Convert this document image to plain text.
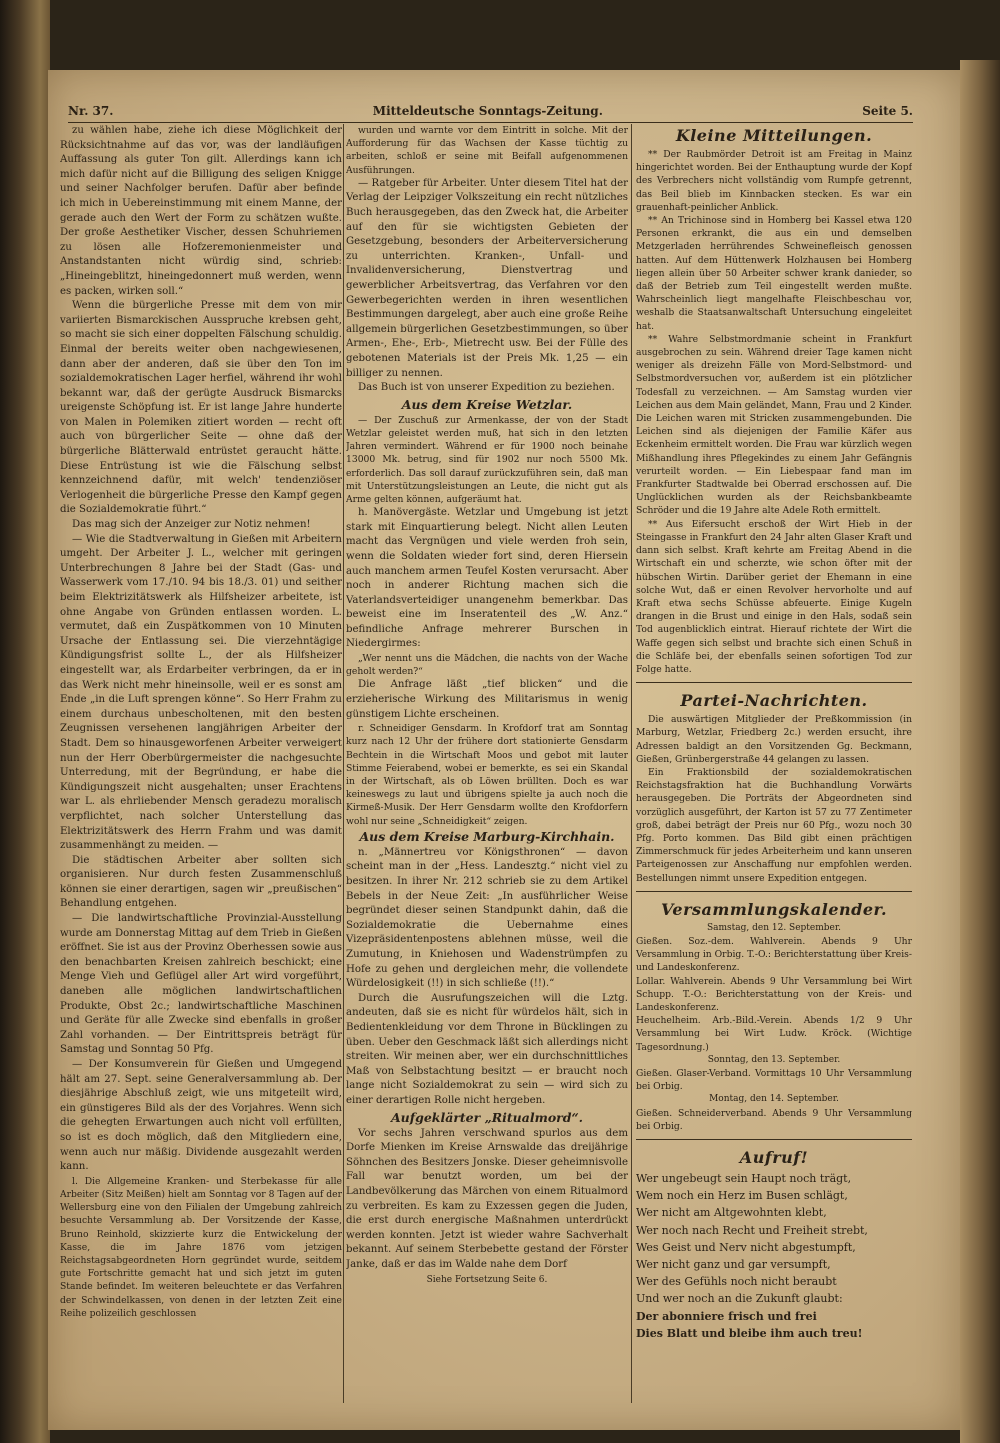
Nr. 37.	Mitteldeutsche Sonntags-Zeitung.	Seite 5.

zu wählen habe, ziehe ich diese Möglichkeit der Rücksichtnahme auf das vor, was der landläufigen Auffassung als guter Ton gilt. Allerdings kann ich mich dafür nicht auf die Billigung des seligen Knigge und seiner Nachfolger berufen. Dafür aber befinde ich mich in Uebereinstimmung mit einem Manne, der gerade auch den Wert der Form zu schätzen wußte. Der große Aesthetiker Vischer, dessen Schuhriemen zu lösen alle Hofzeremonienmeister und Anstandstanten nicht würdig sind, schrieb: „Hineingeblitzt, hineingedonnert muß werden, wenn es packen, wirken soll.“

Wenn die bürgerliche Presse mit dem von mir variierten Bismarckischen Ausspruche krebsen geht, so macht sie sich einer doppelten Fälschung schuldig. Einmal der bereits weiter oben nachgewiesenen, dann aber der anderen, daß sie über den Ton im sozialdemokratischen Lager herfiel, während ihr wohl bekannt war, daß der gerügte Ausdruck Bismarcks ureigenste Schöpfung ist. Er ist lange Jahre hunderte von Malen in Polemiken zitiert worden — recht oft auch von bürgerlicher Seite — ohne daß der bürgerliche Blätterwald entrüstet geraucht hätte. Diese Entrüstung ist wie die Fälschung selbst kennzeichnend dafür, mit welch' tendenziöser Verlogenheit die bürgerliche Presse den Kampf gegen die Sozialdemokratie führt.“

Das mag sich der Anzeiger zur Notiz nehmen!

— Wie die Stadtverwaltung in Gießen mit Arbeitern umgeht. Der Arbeiter J. L., welcher mit geringen Unterbrechungen 8 Jahre bei der Stadt (Gas- und Wasserwerk vom 17./10. 94 bis 18./3. 01) und seither beim Elektrizitätswerk als Hilfsheizer arbeitete, ist ohne Angabe von Gründen entlassen worden. L. vermutet, daß ein Zuspätkommen von 10 Minuten Ursache der Entlassung sei. Die vierzehntägige Kündigungsfrist sollte L., der als Hilfsheizer eingestellt war, als Erdarbeiter verbringen, da er in das Werk nicht mehr hineinsolle, weil er es sonst am Ende „in die Luft sprengen könne“. So Herr Frahm zu einem durchaus unbescholtenen, mit den besten Zeugnissen versehenen langjährigen Arbeiter der Stadt. Dem so hinausgeworfenen Arbeiter verweigert nun der Herr Oberbürgermeister die nachgesuchte Unterredung, mit der Begründung, er habe die Kündigungszeit nicht ausgehalten; unser Erachtens war L. als ehrliebender Mensch geradezu moralisch verpflichtet, nach solcher Unterstellung das Elektrizitätswerk des Herrn Frahm und was damit zusammenhängt zu meiden. —

Die städtischen Arbeiter aber sollten sich organisieren. Nur durch festen Zusammenschluß können sie einer derartigen, sagen wir „preußischen“ Behandlung entgehen.

— Die landwirtschaftliche Provinzial-Ausstellung wurde am Donnerstag Mittag auf dem Trieb in Gießen eröffnet. Sie ist aus der Provinz Oberhessen sowie aus den benachbarten Kreisen zahlreich beschickt; eine Menge Vieh und Geflügel aller Art wird vorgeführt, daneben alle möglichen landwirtschaftlichen Produkte, Obst 2c.; landwirtschaftliche Maschinen und Geräte für alle Zwecke sind ebenfalls in großer Zahl vorhanden. — Der Eintrittspreis beträgt für Samstag und Sonntag 50 Pfg.

— Der Konsumverein für Gießen und Umgegend hält am 27. Sept. seine Generalversammlung ab. Der diesjährige Abschluß zeigt, wie uns mitgeteilt wird, ein günstigeres Bild als der des Vorjahres. Wenn sich die gehegten Erwartungen auch nicht voll erfüllten, so ist es doch möglich, daß den Mitgliedern eine, wenn auch nur mäßig. Dividende ausgezahlt werden kann.

l. Die Allgemeine Kranken- und Sterbekasse für alle Arbeiter (Sitz Meißen) hielt am Sonntag vor 8 Tagen auf der Wellersburg eine von den Filialen der Umgebung zahlreich besuchte Versammlung ab. Der Vorsitzende der Kasse, Bruno Reinhold, skizzierte kurz die Entwickelung der Kasse, die im Jahre 1876 vom jetzigen Reichstagsabgeordneten Horn gegründet wurde, seitdem gute Fortschritte gemacht hat und sich jetzt im guten Stande befindet. Im weiteren beleuchtete er das Verfahren der Schwindelkassen, von denen in der letzten Zeit eine Reihe polizeilich geschlossen

wurden und warnte vor dem Eintritt in solche. Mit der Aufforderung für das Wachsen der Kasse tüchtig zu arbeiten, schloß er seine mit Beifall aufgenommenen Ausführungen.

— Ratgeber für Arbeiter. Unter diesem Titel hat der Verlag der Leipziger Volkszeitung ein recht nützliches Buch herausgegeben, das den Zweck hat, die Arbeiter auf den für sie wichtigsten Gebieten der Gesetzgebung, besonders der Arbeiterversicherung zu unterrichten. Kranken-, Unfall- und Invalidenversicherung, Dienstvertrag und gewerblicher Arbeitsvertrag, das Verfahren vor den Gewerbegerichten werden in ihren wesentlichen Bestimmungen dargelegt, aber auch eine große Reihe allgemein bürgerlichen Gesetzbestimmungen, so über Armen-, Ehe-, Erb-, Mietrecht usw. Bei der Fülle des gebotenen Materials ist der Preis Mk. 1,25 — ein billiger zu nennen.

Das Buch ist von unserer Expedition zu beziehen.

Aus dem Kreise Wetzlar.

— Der Zuschuß zur Armenkasse, der von der Stadt Wetzlar geleistet werden muß, hat sich in den letzten Jahren vermindert. Während er für 1900 noch beinahe 13000 Mk. betrug, sind für 1902 nur noch 5500 Mk. erforderlich. Das soll darauf zurückzuführen sein, daß man mit Unterstützungsleistungen an Leute, die nicht gut als Arme gelten können, aufgeräumt hat.

h. Manövergäste. Wetzlar und Umgebung ist jetzt stark mit Einquartierung belegt. Nicht allen Leuten macht das Vergnügen und viele werden froh sein, wenn die Soldaten wieder fort sind, deren Hiersein auch manchem armen Teufel Kosten verursacht. Aber noch in anderer Richtung machen sich die Vaterlandsverteidiger unangenehm bemerkbar. Das beweist eine im Inseratenteil des „W. Anz.“ befindliche Anfrage mehrerer Burschen in Niedergirmes:

„Wer nennt uns die Mädchen, die nachts von der Wache geholt werden?“

Die Anfrage läßt „tief blicken“ und die erzieherische Wirkung des Militarismus in wenig günstigem Lichte erscheinen.

r. Schneidiger Gensdarm. In Krofdorf trat am Sonntag kurz nach 12 Uhr der frühere dort stationierte Gensdarm Bechtein in die Wirtschaft Moos und gebot mit lauter Stimme Feierabend, wobei er bemerkte, es sei ein Skandal in der Wirtschaft, als ob Löwen brüllten. Doch es war keineswegs zu laut und übrigens spielte ja auch noch die Kirmeß-Musik. Der Herr Gensdarm wollte den Krofdorfern wohl nur seine „Schneidigkeit“ zeigen.

Aus dem Kreise Marburg-Kirchhain.

n. „Männertreu vor Königsthronen“ — davon scheint man in der „Hess. Landesztg.“ nicht viel zu besitzen. In ihrer Nr. 212 schrieb sie zu dem Artikel Bebels in der Neue Zeit: „In ausführlicher Weise begründet dieser seinen Standpunkt dahin, daß die Sozialdemokratie die Uebernahme eines Vizepräsidentenpostens ablehnen müsse, weil die Zumutung, in Kniehosen und Wadenstrümpfen zu Hofe zu gehen und dergleichen mehr, die vollendete Würdelosigkeit (!!) in sich schließe (!!).“

Durch die Ausrufungszeichen will die Lztg. andeuten, daß sie es nicht für würdelos hält, sich in Bedientenkleidung vor dem Throne in Bücklingen zu üben. Ueber den Geschmack läßt sich allerdings nicht streiten. Wir meinen aber, wer ein durchschnittliches Maß von Selbstachtung besitzt — er braucht noch lange nicht Sozialdemokrat zu sein — wird sich zu einer derartigen Rolle nicht hergeben.

Aufgeklärter „Ritualmord“.

Vor sechs Jahren verschwand spurlos aus dem Dorfe Mienken im Kreise Arnswalde das dreijährige Söhnchen des Besitzers Jonske. Dieser geheimnisvolle Fall war benutzt worden, um bei der Landbevölkerung das Märchen von einem Ritualmord zu verbreiten. Es kam zu Exzessen gegen die Juden, die erst durch energische Maßnahmen unterdrückt werden konnten. Jetzt ist wieder wahre Sachverhalt bekannt. Auf seinem Sterbebette gestand der Förster Janke, daß er das im Walde nahe dem Dorf

Siehe Fortsetzung Seite 6.

Kleine Mitteilungen.

** Der Raubmörder Detroit ist am Freitag in Mainz hingerichtet worden. Bei der Enthauptung wurde der Kopf des Verbrechers nicht vollständig vom Rumpfe getrennt, das Beil blieb im Kinnbacken stecken. Es war ein grauenhaft-peinlicher Anblick.

** An Trichinose sind in Homberg bei Kassel etwa 120 Personen erkrankt, die aus ein und demselben Metzgerladen herrührendes Schweinefleisch genossen hatten. Auf dem Hüttenwerk Holzhausen bei Homberg liegen allein über 50 Arbeiter schwer krank danieder, so daß der Betrieb zum Teil eingestellt werden mußte. Wahrscheinlich liegt mangelhafte Fleischbeschau vor, weshalb die Staatsanwaltschaft Untersuchung eingeleitet hat.

** Wahre Selbstmordmanie scheint in Frankfurt ausgebrochen zu sein. Während dreier Tage kamen nicht weniger als dreizehn Fälle von Mord-Selbstmord- und Selbstmordversuchen vor, außerdem ist ein plötzlicher Todesfall zu verzeichnen. — Am Samstag wurden vier Leichen aus dem Main geländet, Mann, Frau und 2 Kinder. Die Leichen waren mit Stricken zusammengebunden. Die Leichen sind als diejenigen der Familie Käfer aus Eckenheim ermittelt worden. Die Frau war kürzlich wegen Mißhandlung ihres Pflegekindes zu einem Jahr Gefängnis verurteilt worden. — Ein Liebespaar fand man im Frankfurter Stadtwalde bei Oberrad erschossen auf. Die Unglücklichen wurden als der Reichsbankbeamte Schröder und die 19 Jahre alte Adele Roth ermittelt.

** Aus Eifersucht erschoß der Wirt Hieb in der Steingasse in Frankfurt den 24 Jahr alten Glaser Kraft und dann sich selbst. Kraft kehrte am Freitag Abend in die Wirtschaft ein und scherzte, wie schon öfter mit der hübschen Wirtin. Darüber geriet der Ehemann in eine solche Wut, daß er einen Revolver hervorholte und auf Kraft etwa sechs Schüsse abfeuerte. Einige Kugeln drangen in die Brust und einige in den Hals, sodaß sein Tod augenblicklich eintrat. Hierauf richtete der Wirt die Waffe gegen sich selbst und brachte sich einen Schuß in die Schläfe bei, der ebenfalls seinen sofortigen Tod zur Folge hatte.

Partei-Nachrichten.

Die auswärtigen Mitglieder der Preßkommission (in Marburg, Wetzlar, Friedberg 2c.) werden ersucht, ihre Adressen baldigt an den Vorsitzenden Gg. Beckmann, Gießen, Grünbergerstraße 44 gelangen zu lassen.

Ein Fraktionsbild der sozialdemokratischen Reichstagsfraktion hat die Buchhandlung Vorwärts herausgegeben. Die Porträts der Abgeordneten sind vorzüglich ausgeführt, der Karton ist 57 zu 77 Zentimeter groß, dabei beträgt der Preis nur 60 Pfg., wozu noch 30 Pfg. Porto kommen. Das Bild gibt einen prächtigen Zimmerschmuck für jedes Arbeiterheim und kann unseren Parteigenossen zur Anschaffung nur empfohlen werden. Bestellungen nimmt unsere Expedition entgegen.

Versammlungskalender.

Samstag, den 12. September.

Gießen. Soz.-dem. Wahlverein. Abends 9 Uhr Versammlung in Orbig. T.-O.: Berichterstattung über Kreis- und Landeskonferenz.

Lollar. Wahlverein. Abends 9 Uhr Versammlung bei Wirt Schupp. T.-O.: Berichterstattung von der Kreis- und Landeskonferenz.

Heuchelheim. Arb.-Bild.-Verein. Abends 1/2 9 Uhr Versammlung bei Wirt Ludw. Kröck. (Wichtige Tagesordnung.)

Sonntag, den 13. September.

Gießen. Glaser-Verband. Vormittags 10 Uhr Versammlung bei Orbig.

Montag, den 14. September.

Gießen. Schneiderverband. Abends 9 Uhr Versammlung bei Orbig.

Aufruf!

Wer ungebeugt sein Haupt noch trägt,
Wem noch ein Herz im Busen schlägt,
Wer nicht am Altgewohnten klebt,
Wer noch nach Recht und Freiheit strebt,
Wes Geist und Nerv nicht abgestumpft,
Wer nicht ganz und gar versumpft,
Wer des Gefühls noch nicht beraubt
Und wer noch an die Zukunft glaubt:
Der abonniere frisch und frei
Dies Blatt und bleibe ihm auch treu!
